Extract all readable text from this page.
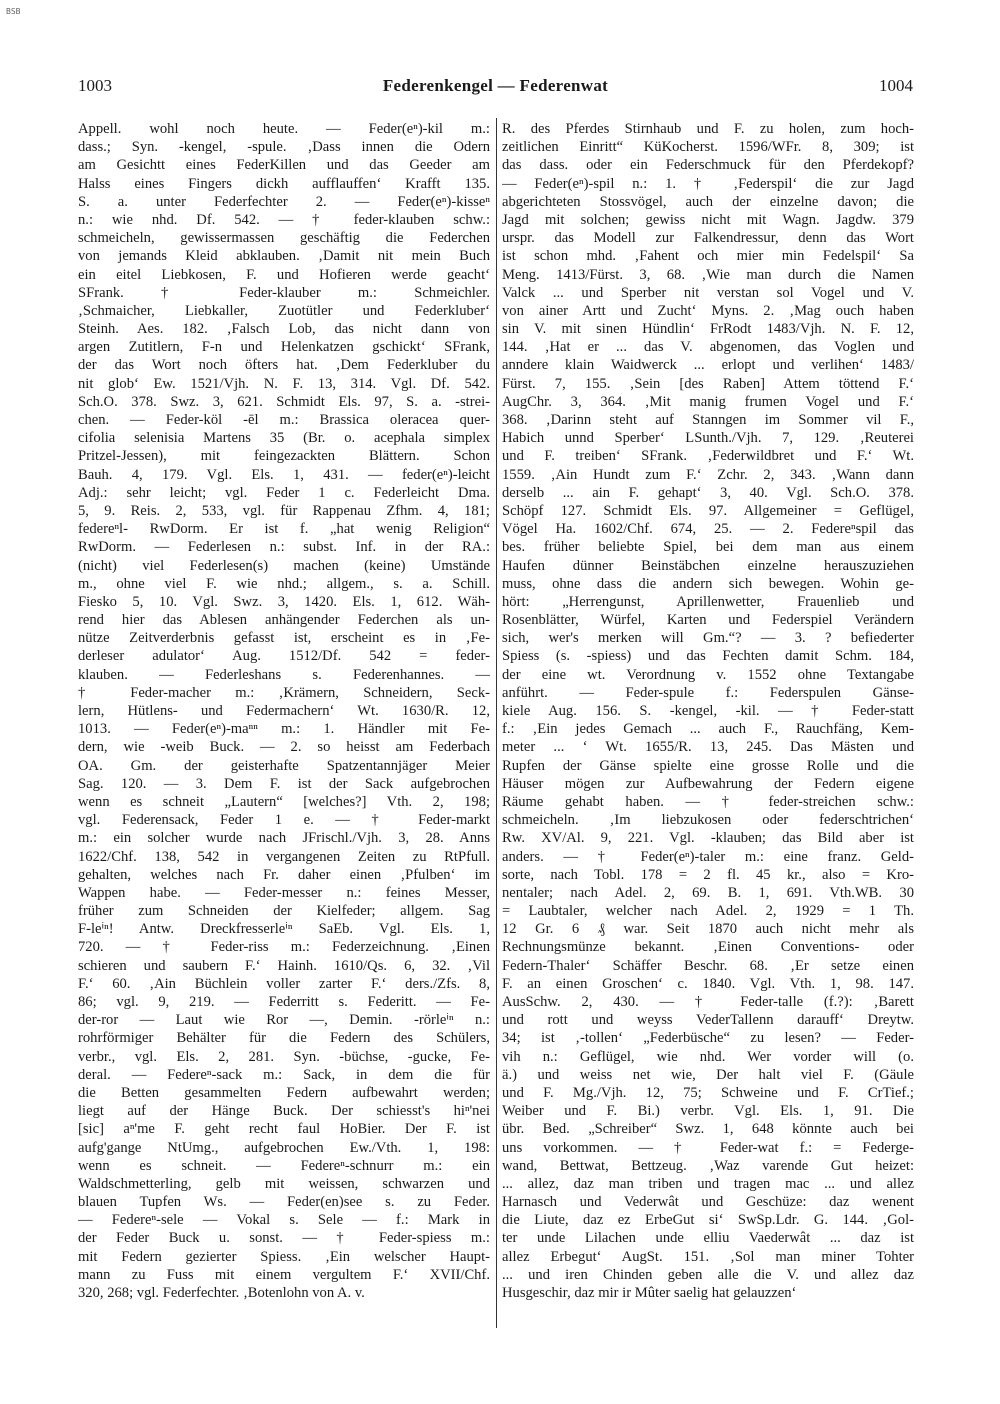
BSB
1003	Federenkengel — Federenwat	1004
Appell. wohl noch heute. — Feder(eⁿ)-kil m.:
dass.; Syn. -kengel, -spule. ‚Dass innen die Odern
am Gesichtt eines FederKillen und das Geeder am
Halss eines Fingers dickh aufflauffen‘ Krafft 135.
S. a. unter Federfechter 2. — Feder(eⁿ)-kisseⁿ
n.: wie nhd. Df. 542. — † feder-klauben schw.:
schmeicheln, gewissermassen geschäftig die Federchen
von jemands Kleid abklauben. ‚Damit nit mein Buch
ein eitel Liebkosen, F. und Hofieren werde geacht‘
SFrank. † Feder-klauber m.: Schmeichler.
‚Schmaicher, Liebkaller, Zuotütler und Federkluber‘
Steinh. Aes. 182. ‚Falsch Lob, das nicht dann von
argen Zutitlern, F-n und Helenkatzen gschickt‘ SFrank,
der das Wort noch öfters hat. ‚Dem Federkluber du
nit glob‘ Ew. 1521/Vjh. N. F. 13, 314. Vgl. Df. 542.
Sch.O. 378. Swz. 3, 621. Schmidt Els. 97, S. a. -strei-
chen. — Feder-köl -ēl m.: Brassica oleracea quer-
cifolia selenisia Martens 35 (Br. o. acephala simplex
Pritzel-Jessen), mit feingezackten Blättern. Schon
Bauh. 4, 179. Vgl. Els. 1, 431. — feder(eⁿ)-leicht
Adj.: sehr leicht; vgl. Feder 1 c. Federleicht Dma.
5, 9. Reis. 2, 533, vgl. für Rappenau Zfhm. 4, 181;
federeⁿl- RwDorm. Er ist f. „hat wenig Religion“
RwDorm. — Federlesen n.: subst. Inf. in der RA.:
(nicht) viel Federlesen(s) machen (keine) Umstände
m., ohne viel F. wie nhd.; allgem., s. a. Schill.
Fiesko 5, 10. Vgl. Swz. 3, 1420. Els. 1, 612. Wäh-
rend hier das Ablesen anhängender Federchen als un-
nütze Zeitverderbnis gefasst ist, erscheint es in ‚Fe-
derleser adulator‘ Aug. 1512/Df. 542 = feder-
klauben. — Federleshans s. Federenhannes. —
† Feder-macher m.: ‚Krämern, Schneidern, Seck-
lern, Hütlens- und Federmachern‘ Wt. 1630/R. 12,
1013. — Feder(eⁿ)-maⁿⁿ m.: 1. Händler mit Fe-
dern, wie -weib Buck. — 2. so heisst am Federbach
OA. Gm. der geisterhafte Spatzentannjäger Meier
Sag. 120. — 3. Dem F. ist der Sack aufgebrochen
wenn es schneit „Lautern“ [welches?] Vth. 2, 198;
vgl. Federensack, Feder 1 e. — † Feder-markt
m.: ein solcher wurde nach JFrischl./Vjh. 3, 28. Anns
1622/Chf. 138, 542 in vergangenen Zeiten zu RtPfull.
gehalten, welches nach Fr. daher einen ‚Pfulben‘ im
Wappen habe. — Feder-messer n.: feines Messer,
früher zum Schneiden der Kielfeder; allgem. Sag
F-leⁱⁿ! Antw. Dreckfresserleⁱⁿ SaEb. Vgl. Els. 1,
720. — † Feder-riss m.: Federzeichnung. ‚Einen
schieren und saubern F.‘ Hainh. 1610/Qs. 6, 32. ‚Vil
F.‘ 60. ‚Ain Büchlein voller zarter F.‘ ders./Zfs. 8,
86; vgl. 9, 219. — Federritt s. Federitt. — Fe-
der-ror — Laut wie Ror —, Demin. -rörleⁱⁿ n.:
rohrförmiger Behälter für die Federn des Schülers,
verbr., vgl. Els. 2, 281. Syn. -büchse, -gucke, Fe-
deral. — Federeⁿ-sack m.: Sack, in dem die für
die Betten gesammelten Federn aufbewahrt werden;
liegt auf der Hänge Buck. Der schiesst's hiⁿ'nei
[sic] aⁿ'me F. geht recht faul HoBier. Der F. ist
aufg'gange NtUmg., aufgebrochen Ew./Vth. 1, 198:
wenn es schneit. — Federeⁿ-schnurr m.: ein
Waldschmetterling, gelb mit weissen, schwarzen und
blauen Tupfen Ws. — Feder(en)see s. zu Feder.
— Federeⁿ-sele — Vokal s. Sele — f.: Mark in
der Feder Buck u. sonst. — † Feder-spiess m.:
mit Federn gezierter Spiess. ‚Ein welscher Haupt-
mann zu Fuss mit einem vergultem F.‘ XVII/Chf.
320, 268; vgl. Federfechter. ‚Botenlohn von A. v.
R. des Pferdes Stirnhaub und F. zu holen, zum hoch-
zeitlichen Einritt“ KüKocherst. 1596/WFr. 8, 309; ist
das dass. oder ein Federschmuck für den Pferdekopf?
— Feder(eⁿ)-spil n.: 1. † ‚Federspil‘ die zur Jagd
abgerichteten Stossvögel, auch der einzelne davon; die
Jagd mit solchen; gewiss nicht mit Wagn. Jagdw. 379
urspr. das Modell zur Falkendressur, denn das Wort
ist schon mhd. ‚Fahent och mier min Fedelspil‘ Sa
Meng. 1413/Fürst. 3, 68. ‚Wie man durch die Namen
Valck ... und Sperber nit verstan sol Vogel und V.
von ainer Artt und Zucht‘ Myns. 2. ‚Mag ouch haben
sin V. mit sinen Hündlin‘ FrRodt 1483/Vjh. N. F. 12,
144. ‚Hat er ... das V. abgenomen, das Voglen und
anndere klain Waidwerck ... erlopt und verlihen‘ 1483/
Fürst. 7, 155. ‚Sein [des Raben] Attem töttend F.‘
AugChr. 3, 364. ‚Mit manig frumen Vogel und F.‘
368. ‚Darinn steht auf Stanngen im Sommer vil F.,
Habich unnd Sperber‘ LSunth./Vjh. 7, 129. ‚Reuterei
und F. treiben‘ SFrank. ‚Federwildbret und F.‘ Wt.
1559. ‚Ain Hundt zum F.‘ Zchr. 2, 343. ‚Wann dann
derselb ... ain F. gehapt‘ 3, 40. Vgl. Sch.O. 378.
Schöpf 127. Schmidt Els. 97. Allgemeiner = Geflügel,
Vögel Ha. 1602/Chf. 674, 25. — 2. Federeⁿspil das
bes. früher beliebte Spiel, bei dem man aus einem
Haufen dünner Beinstäbchen einzelne herauszuziehen
muss, ohne dass die andern sich bewegen. Wohin ge-
hört: „Herrengunst, Aprillenwetter, Frauenlieb und
Rosenblätter, Würfel, Karten und Federspiel Verändern
sich, wer's merken will Gm.“? — 3. ? befiederter
Spiess (s. -spiess) und das Fechten damit Schm. 184,
der eine wt. Verordnung v. 1552 ohne Textangabe
anführt. — Feder-spule f.: Federspulen Gänse-
kiele Aug. 156. S. -kengel, -kil. — † Feder-statt
f.: ‚Ein jedes Gemach ... auch F., Rauchfäng, Kem-
meter ... ‘ Wt. 1655/R. 13, 245. Das Mästen und
Rupfen der Gänse spielte eine grosse Rolle und die
Häuser mögen zur Aufbewahrung der Federn eigene
Räume gehabt haben. — † feder-streichen schw.:
schmeicheln. ‚Im liebzukosen oder federschtrichen‘
Rw. XV/Al. 9, 221. Vgl. -klauben; das Bild aber ist
anders. — † Feder(eⁿ)-taler m.: eine franz. Geld-
sorte, nach Tobl. 178 = 2 fl. 45 kr., also = Kro-
nentaler; nach Adel. 2, 69. B. 1, 691. Vth.WB. 30
= Laubtaler, welcher nach Adel. 2, 1929 = 1 Th.
12 Gr. 6 ₰ war. Seit 1870 auch nicht mehr als
Rechnungsmünze bekannt. ‚Einen Conventions- oder
Federn-Thaler‘ Schäffer Beschr. 68. ‚Er setze einen
F. an einen Groschen‘ c. 1840. Vgl. Vth. 1, 98. 147.
AusSchw. 2, 430. — † Feder-talle (f.?): ‚Barett
und rott und weyss VederTallenn darauff‘ Dreytw.
34; ist ‚-tollen‘ „Federbüsche“ zu lesen? — Feder-
vih n.: Geflügel, wie nhd. Wer vorder will (o.
ä.) und weiss net wie, Der halt viel F. (Gäule
und F. Mg./Vjh. 12, 75; Schweine und F. CrTief.;
Weiber und F. Bi.) verbr. Vgl. Els. 1, 91. Die
übr. Bed. „Schreiber“ Swz. 1, 648 könnte auch bei
uns vorkommen. — † Feder-wat f.: = Federge-
wand, Bettwat, Bettzeug. ‚Waz varende Gut heizet:
... allez, daz man triben und tragen mac ... und allez
Harnasch und Vederwât und Geschüze: daz wenent
die Liute, daz ez ErbeGut si‘ SwSp.Ldr. G. 144. ‚Gol-
ter unde Lilachen unde elliu Vaederwât ... daz ist
allez Erbegut‘ AugSt. 151. ‚Sol man miner Tohter
... und iren Chinden geben alle die V. und allez daz
Husgeschir, daz mir ir Mûter saelig hat gelauzzen‘
